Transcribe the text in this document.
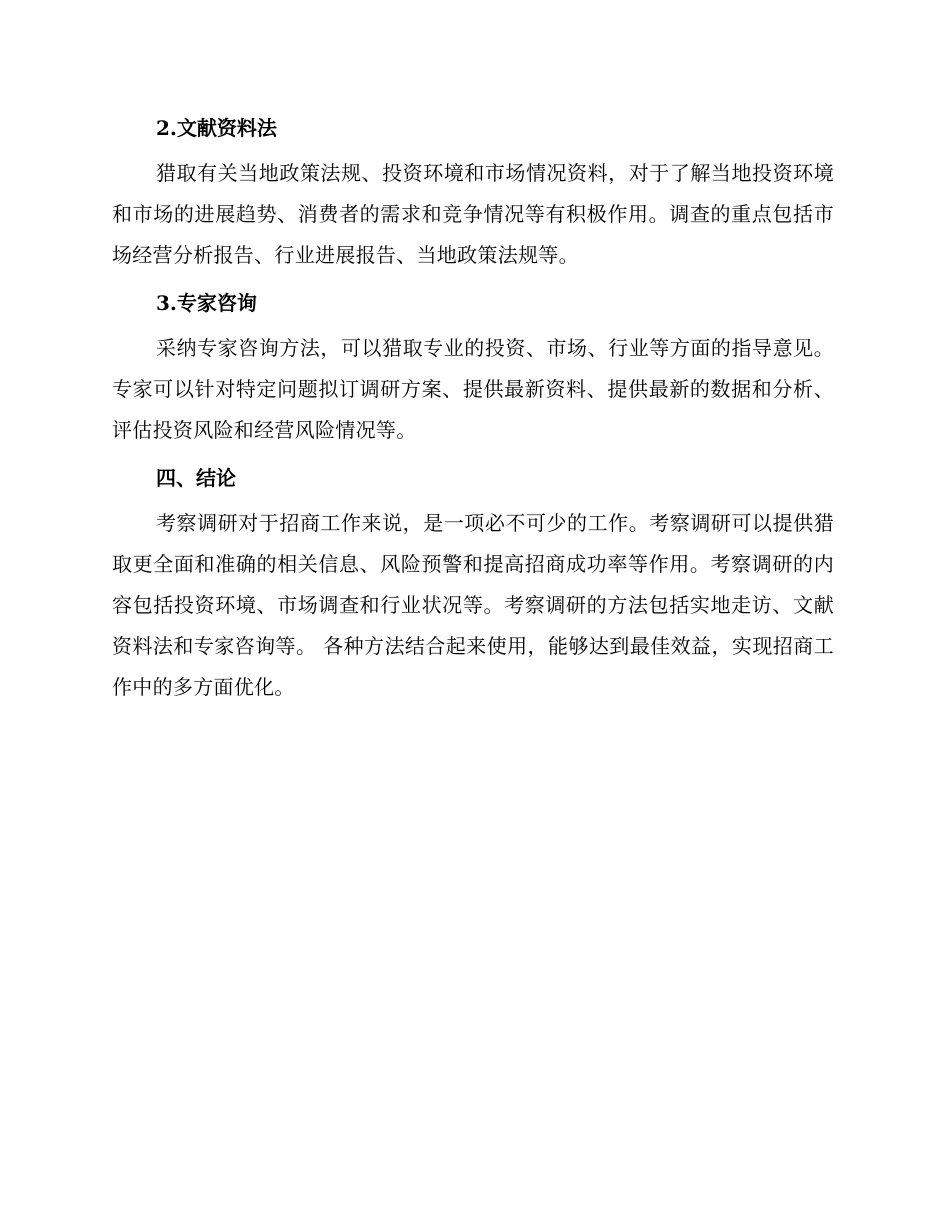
2.文献资料法

猎取有关当地政策法规、投资环境和市场情况资料，对于了解当地投资环境和市场的进展趋势、消费者的需求和竞争情况等有积极作用。调查的重点包括市场经营分析报告、行业进展报告、当地政策法规等。

3.专家咨询

采纳专家咨询方法，可以猎取专业的投资、市场、行业等方面的指导意见。专家可以针对特定问题拟订调研方案、提供最新资料、提供最新的数据和分析、评估投资风险和经营风险情况等。

四、结论

考察调研对于招商工作来说，是一项必不可少的工作。考察调研可以提供猎取更全面和准确的相关信息、风险预警和提高招商成功率等作用。考察调研的内容包括投资环境、市场调查和行业状况等。考察调研的方法包括实地走访、文献资料法和专家咨询等。 各种方法结合起来使用，能够达到最佳效益，实现招商工作中的多方面优化。
